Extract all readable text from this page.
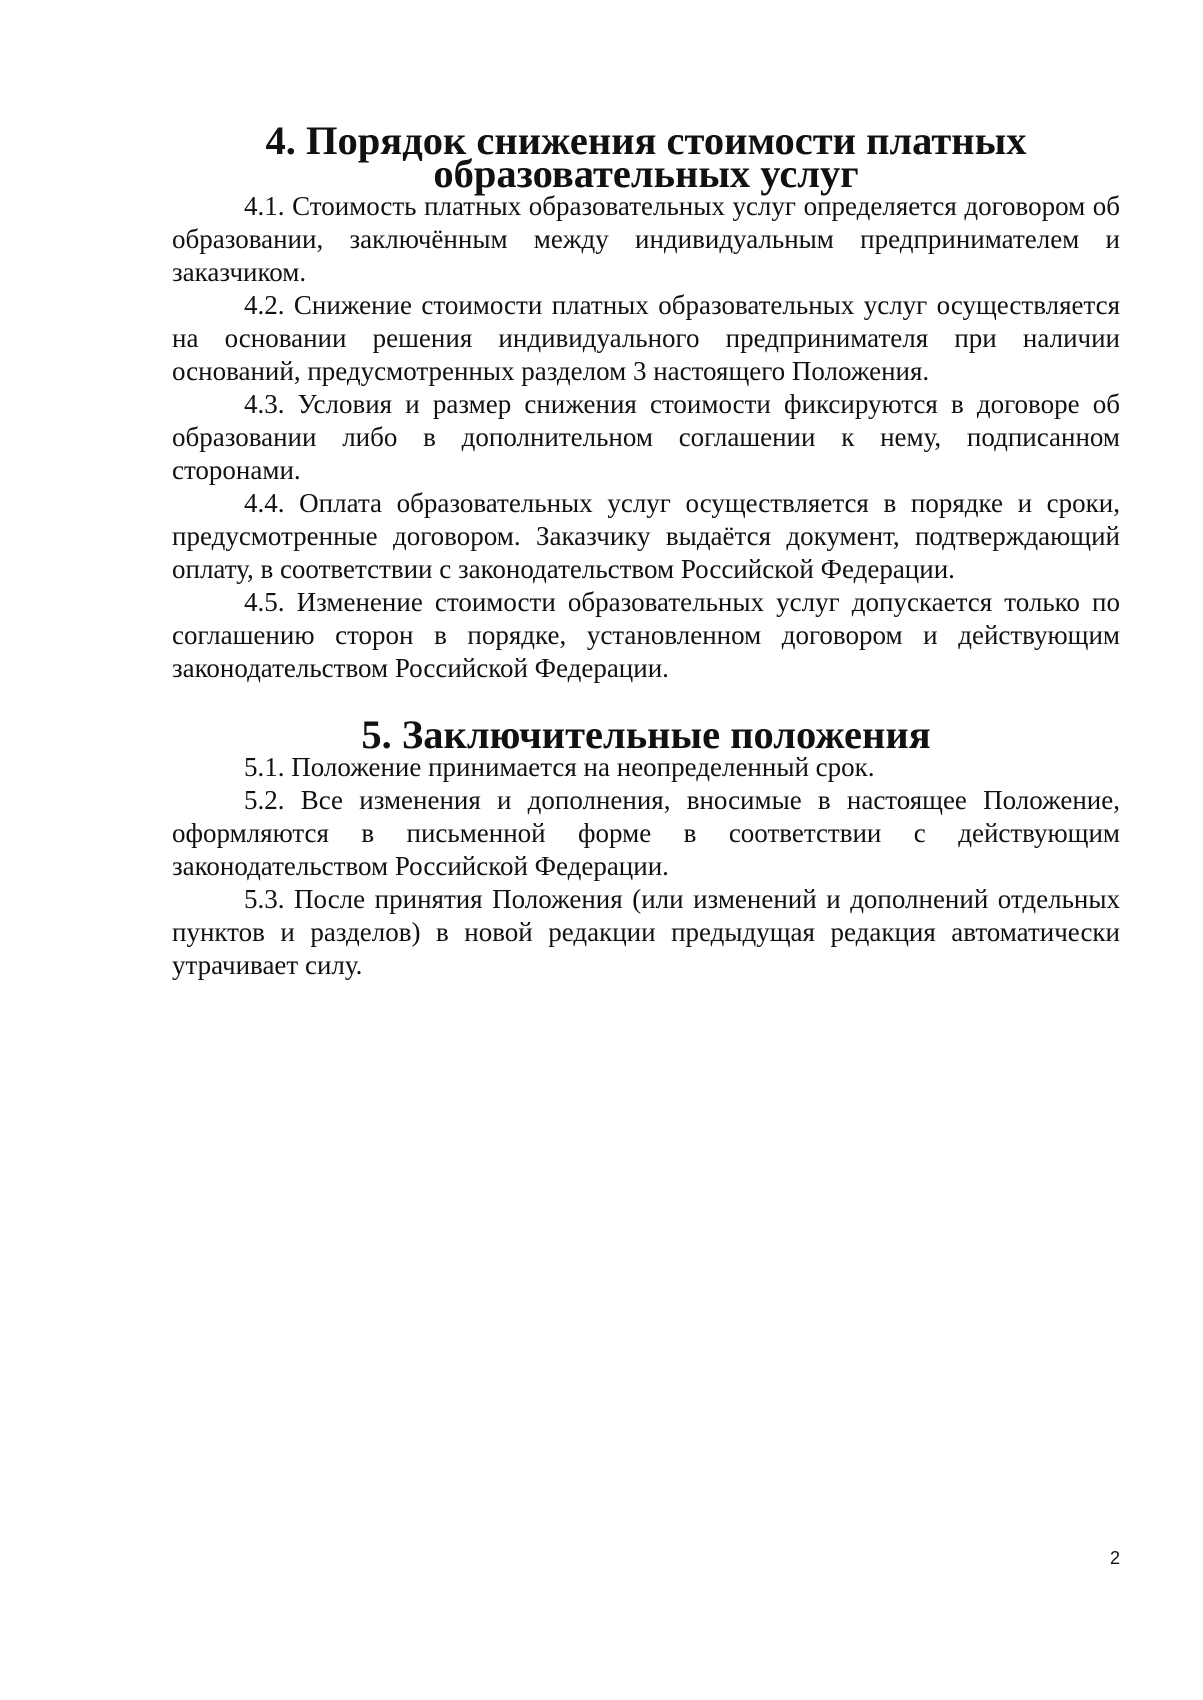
4. Порядок снижения стоимости платных образовательных услуг

4.1. Стоимость платных образовательных услуг определяется договором об образовании, заключённым между индивидуальным предпринимателем и заказчиком.

4.2. Снижение стоимости платных образовательных услуг осуществляется на основании решения индивидуального предпринимателя при наличии оснований, предусмотренных разделом 3 настоящего Положения.

4.3. Условия и размер снижения стоимости фиксируются в договоре об образовании либо в дополнительном соглашении к нему, подписанном сторонами.

4.4. Оплата образовательных услуг осуществляется в порядке и сроки, предусмотренные договором. Заказчику выдаётся документ, подтверждающий оплату, в соответствии с законодательством Российской Федерации.

4.5. Изменение стоимости образовательных услуг допускается только по соглашению сторон в порядке, установленном договором и действующим законодательством Российской Федерации.

5. Заключительные положения

5.1. Положение принимается на неопределенный срок.

5.2. Все изменения и дополнения, вносимые в настоящее Положение, оформляются в письменной форме в соответствии с действующим законодательством Российской Федерации.

5.3. После принятия Положения (или изменений и дополнений отдельных пунктов и разделов) в новой редакции предыдущая редакция автоматически утрачивает силу.

2
